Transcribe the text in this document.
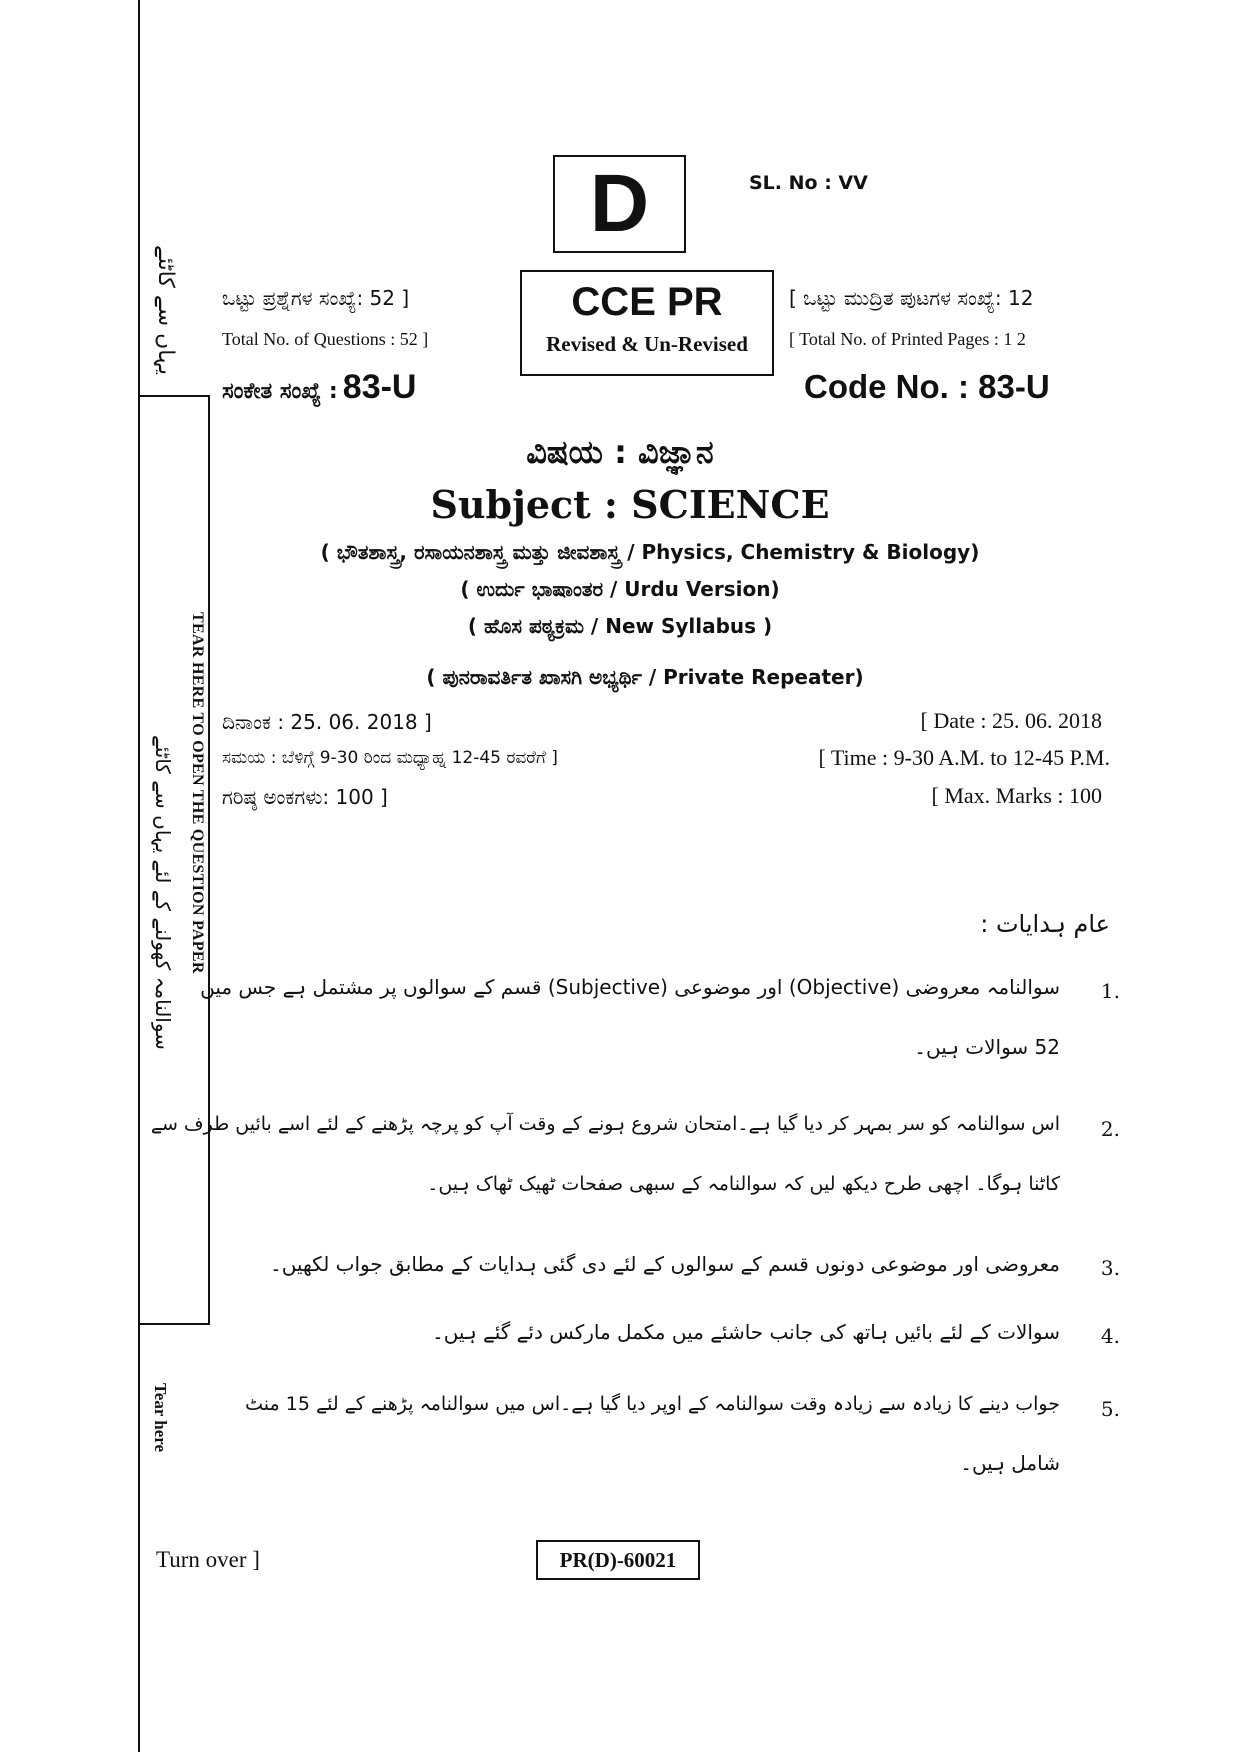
یہاں سے کاٹئے
TEAR HERE TO OPEN THE QUESTION PAPER
سوالنامہ کھولنے کے لئے یہاں سے کاٹئے
Tear here
D	SL. No : VV
CCE PR
Revised & Un-Revised
ಒಟ್ಟು ಪ್ರಶ್ನೆಗಳ ಸಂಖ್ಯೆ: 52 ]
Total No. of Questions : 52 ]
[ ಒಟ್ಟು ಮುದ್ರಿತ ಪುಟಗಳ ಸಂಖ್ಯೆ: 12
[ Total No. of Printed Pages : 1 2
ಸಂಕೇತ ಸಂಖ್ಯೆ : 83-U	Code No. : 83-U
ವಿಷಯ : ವಿಜ್ಞಾನ
Subject : SCIENCE
( ಭೌತಶಾಸ್ತ್ರ, ರಸಾಯನಶಾಸ್ತ್ರ ಮತ್ತು ಜೀವಶಾಸ್ತ್ರ / Physics, Chemistry & Biology)
( ಉರ್ದು ಭಾಷಾಂತರ / Urdu Version)
( ಹೊಸ ಪಠ್ಯಕ್ರಮ / New Syllabus )
( ಪುನರಾವರ್ತಿತ ಖಾಸಗಿ ಅಭ್ಯರ್ಥಿ / Private Repeater)
ದಿನಾಂಕ : 25. 06. 2018 ]	[ Date : 25. 06. 2018
ಸಮಯ : ಬೆಳಿಗ್ಗೆ 9-30 ರಿಂದ ಮಧ್ಯಾಹ್ನ 12-45 ರವರೆಗೆ ]	[ Time : 9-30 A.M. to 12-45 P.M.
ಗರಿಷ್ಠ ಅಂಕಗಳು: 100 ]	[ Max. Marks : 100
عام ہدایات :
1.
سوالنامہ معروضی (Objective) اور موضوعی (Subjective) قسم کے سوالوں پر مشتمل ہے جس میں
52 سوالات ہیں۔
2.
اس سوالنامہ کو سر بمہر کر دیا گیا ہے۔امتحان شروع ہونے کے وقت آپ کو پرچہ پڑھنے کے لئے اسے بائیں طرف سے
کاٹنا ہوگا۔ اچھی طرح دیکھ لیں کہ سوالنامہ کے سبھی صفحات ٹھیک ٹھاک ہیں۔
3.
معروضی اور موضوعی دونوں قسم کے سوالوں کے لئے دی گئی ہدایات کے مطابق جواب لکھیں۔
4.
سوالات کے لئے بائیں ہاتھ کی جانب حاشئے میں مکمل مارکس دئے گئے ہیں۔
5.
جواب دینے کا زیادہ سے زیادہ وقت سوالنامہ کے اوپر دیا گیا ہے۔اس میں سوالنامہ پڑھنے کے لئے 15 منٹ
شامل ہیں۔
Turn over ]	PR(D)-60021
